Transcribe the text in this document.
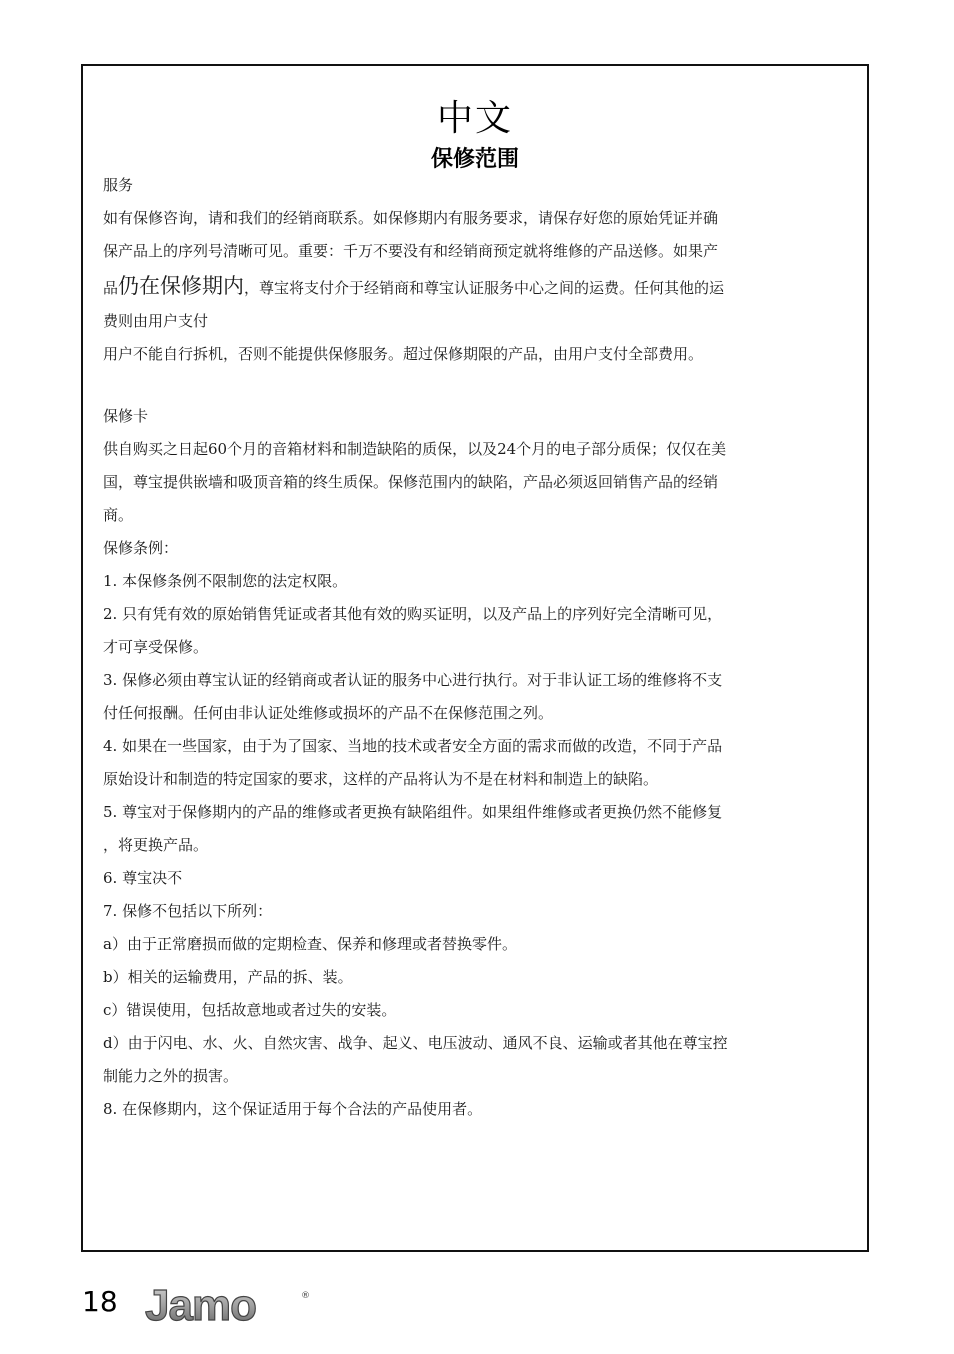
中文
保修范围
服务
如有保修咨询，请和我们的经销商联系。如保修期内有服务要求，请保存好您的原始凭证并确
保产品上的序列号清晰可见。重要：千万不要没有和经销商预定就将维修的产品送修。如果产
品仍在保修期内，尊宝将支付介于经销商和尊宝认证服务中心之间的运费。任何其他的运
费则由用户支付
用户不能自行拆机，否则不能提供保修服务。超过保修期限的产品，由用户支付全部费用。
保修卡
供自购买之日起60个月的音箱材料和制造缺陷的质保，以及24个月的电子部分质保；仅仅在美
国，尊宝提供嵌墙和吸顶音箱的终生质保。保修范围内的缺陷，产品必须返回销售产品的经销
商。
保修条例：
1. 本保修条例不限制您的法定权限。
2. 只有凭有效的原始销售凭证或者其他有效的购买证明，以及产品上的序列好完全清晰可见，
才可享受保修。
3. 保修必须由尊宝认证的经销商或者认证的服务中心进行执行。对于非认证工场的维修将不支
付任何报酬。任何由非认证处维修或损坏的产品不在保修范围之列。
4. 如果在一些国家，由于为了国家、当地的技术或者安全方面的需求而做的改造，不同于产品
原始设计和制造的特定国家的要求，这样的产品将认为不是在材料和制造上的缺陷。
5. 尊宝对于保修期内的产品的维修或者更换有缺陷组件。如果组件维修或者更换仍然不能修复
，将更换产品。
6. 尊宝决不
7. 保修不包括以下所列：
a）由于正常磨损而做的定期检查、保养和修理或者替换零件。
b）相关的运输费用，产品的拆、装。
c）错误使用，包括故意地或者过失的安装。
d）由于闪电、水、火、自然灾害、战争、起义、电压波动、通风不良、运输或者其他在尊宝控
制能力之外的损害。
8. 在保修期内，这个保证适用于每个合法的产品使用者。
18 Jamo	®
